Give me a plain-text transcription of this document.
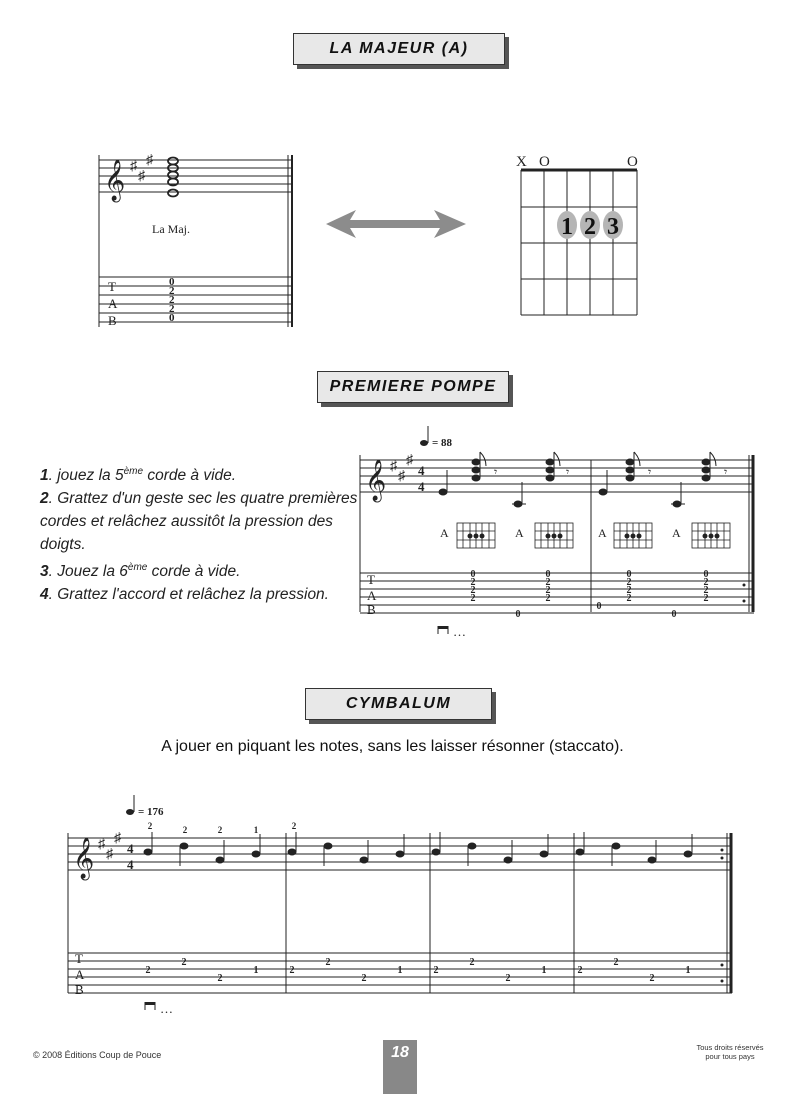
LA MAJEUR (A)
PREMIERE POMPE
CYMBALUM
𝄞 ♯
♯
♯
La Maj.
T
A
B
0
2
2
2
0
X O	O
1 2 3

1. jouez la 5ème corde à vide.

2. Grattez d'un geste sec les quatre premières cordes et relâchez aussitôt la pression des doigts.

3. Jouez la 6ème corde à vide.

4. Grattez l'accord et relâchez la pression.

= 88
𝄞 ♯
♯
♯
4
4
𝄾	𝄾	𝄾	𝄾
A	A	A	A
T
A
B
0
2
2
2
0
0
2
2
2
0
0
2
2
2
0
0
2
2
2
…
A jouer en piquant les notes, sans les laisser résonner (staccato).
= 176
𝄞 ♯
♯
♯
4
4
2	2	2	1	2
T
A
B
2
2
2
1	2
2
2
1	2
2
2
1	2
2
2
1
…
© 2008 Éditions Coup de Pouce	18	Tous droits réservés
pour tous pays
